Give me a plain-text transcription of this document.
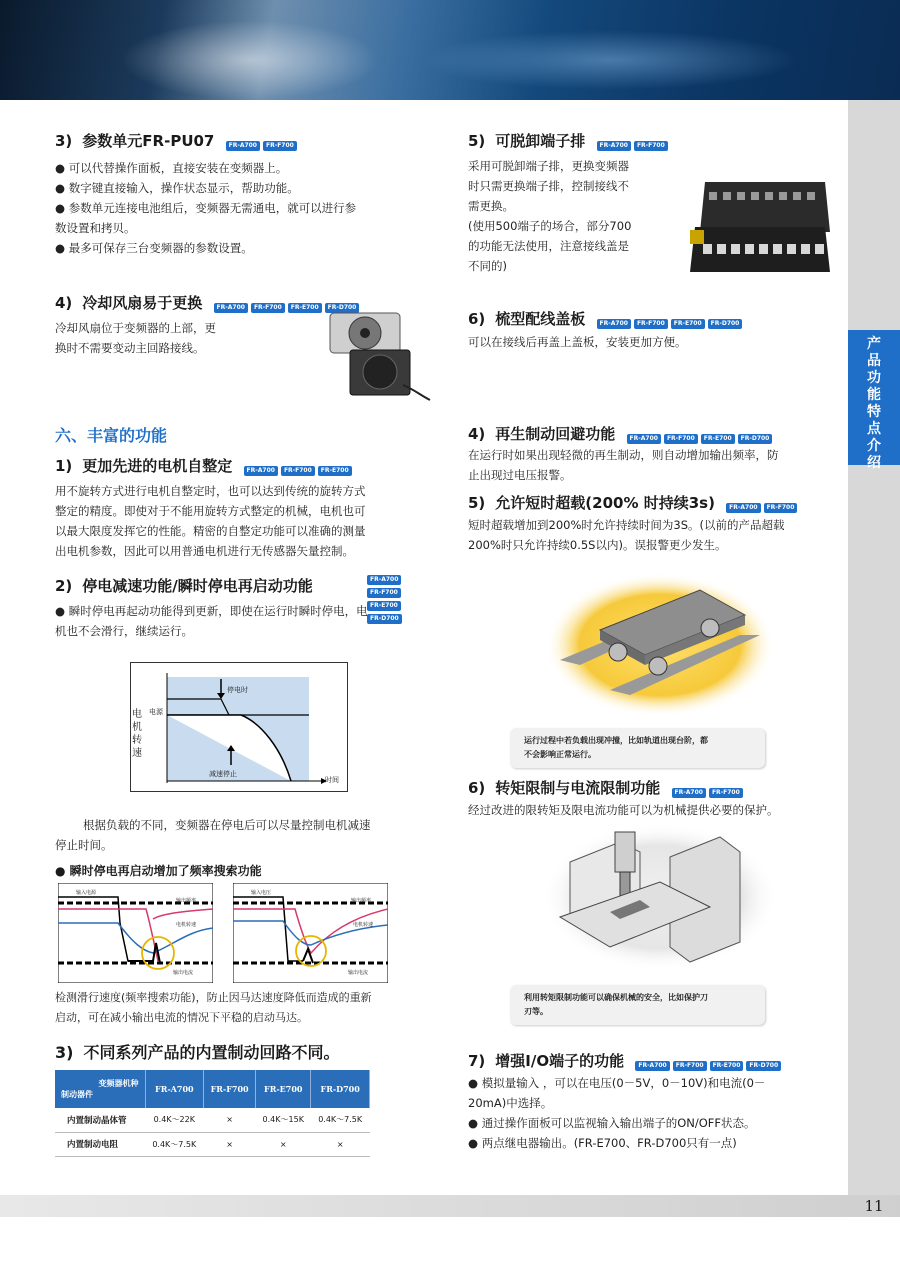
产品功能特点介绍
3) 参数单元FR-PU07 FR-A700 FR-F700
● 可以代替操作面板，直接安装在变频器上。
● 数字键直接输入，操作状态显示，帮助功能。
● 参数单元连接电池组后，变频器无需通电，就可以进行参
数设置和拷贝。
● 最多可保存三台变频器的参数设置。
4) 冷却风扇易于更换 FR-A700 FR-F700 FR-E700 FR-D700
冷却风扇位于变频器的上部，更
换时不需要变动主回路接线。
六、丰富的功能
1) 更加先进的电机自整定 FR-A700 FR-F700 FR-E700
用不旋转方式进行电机自整定时，也可以达到传统的旋转方式
整定的精度。即使对于不能用旋转方式整定的机械，电机也可
以最大限度发挥它的性能。精密的自整定功能可以准确的测量
出电机参数，因此可以用普通电机进行无传感器矢量控制。
2) 停电减速功能/瞬时停电再启动功能	FR-A700FR-F700
FR-E700FR-D700
● 瞬时停电再起动功能得到更新，即使在运行时瞬时停电，电
机也不会滑行，继续运行。
电源
停电时
减速停止
时间
电机转速
根据负载的不同，变频器在停电后可以尽量控制电机减速
停止时间。
● 瞬时停电再启动增加了频率搜索功能
输入电源
输出频率
电机转速
输出电流
输入电压
输出频率
电机转速
输出电流
检测滑行速度(频率搜索功能)，防止因马达速度降低而造成的重新
启动，可在减小输出电流的情况下平稳的启动马达。
3) 不同系列产品的内置制动回路不同。
变频器机种
制动器件	FR-A700	FR-F700	FR-E700	FR-D700
内置制动晶体管	0.4K～22K	×	0.4K～15K	0.4K～7.5K
内置制动电阻	0.4K～7.5K	×	×	×
5) 可脱卸端子排 FR-A700 FR-F700
采用可脱卸端子排，更换变频器
时只需更换端子排，控制接线不
需更换。
(使用500端子的场合，部分700
的功能无法使用，注意接线盖是
不同的)
6) 梳型配线盖板 FR-A700 FR-F700 FR-E700 FR-D700
可以在接线后再盖上盖板，安装更加方便。
4) 再生制动回避功能 FR-A700 FR-F700 FR-E700 FR-D700
在运行时如果出现轻微的再生制动，则自动增加输出频率，防
止出现过电压报警。
5) 允许短时超载(200% 时持续3s) FR-A700 FR-F700
短时超载增加到200%时允许持续时间为3S。(以前的产品超载
200%时只允许持续0.5S以内)。误报警更少发生。
运行过程中若负载出现冲撞，比如轨道出现台阶，都
不会影响正常运行。
6) 转矩限制与电流限制功能 FR-A700 FR-F700
经过改进的限转矩及限电流功能可以为机械提供必要的保护。
利用转矩限制功能可以确保机械的安全，比如保护刀
刃等。
7) 增强I/O端子的功能 FR-A700 FR-F700 FR-E700 FR-D700
● 模拟量输入 ，可以在电压(0－5V，0－10V)和电流(0－
20mA)中选择。
● 通过操作面板可以监视输入输出端子的ON/OFF状态。
● 两点继电器输出。(FR-E700、FR-D700只有一点)
11
